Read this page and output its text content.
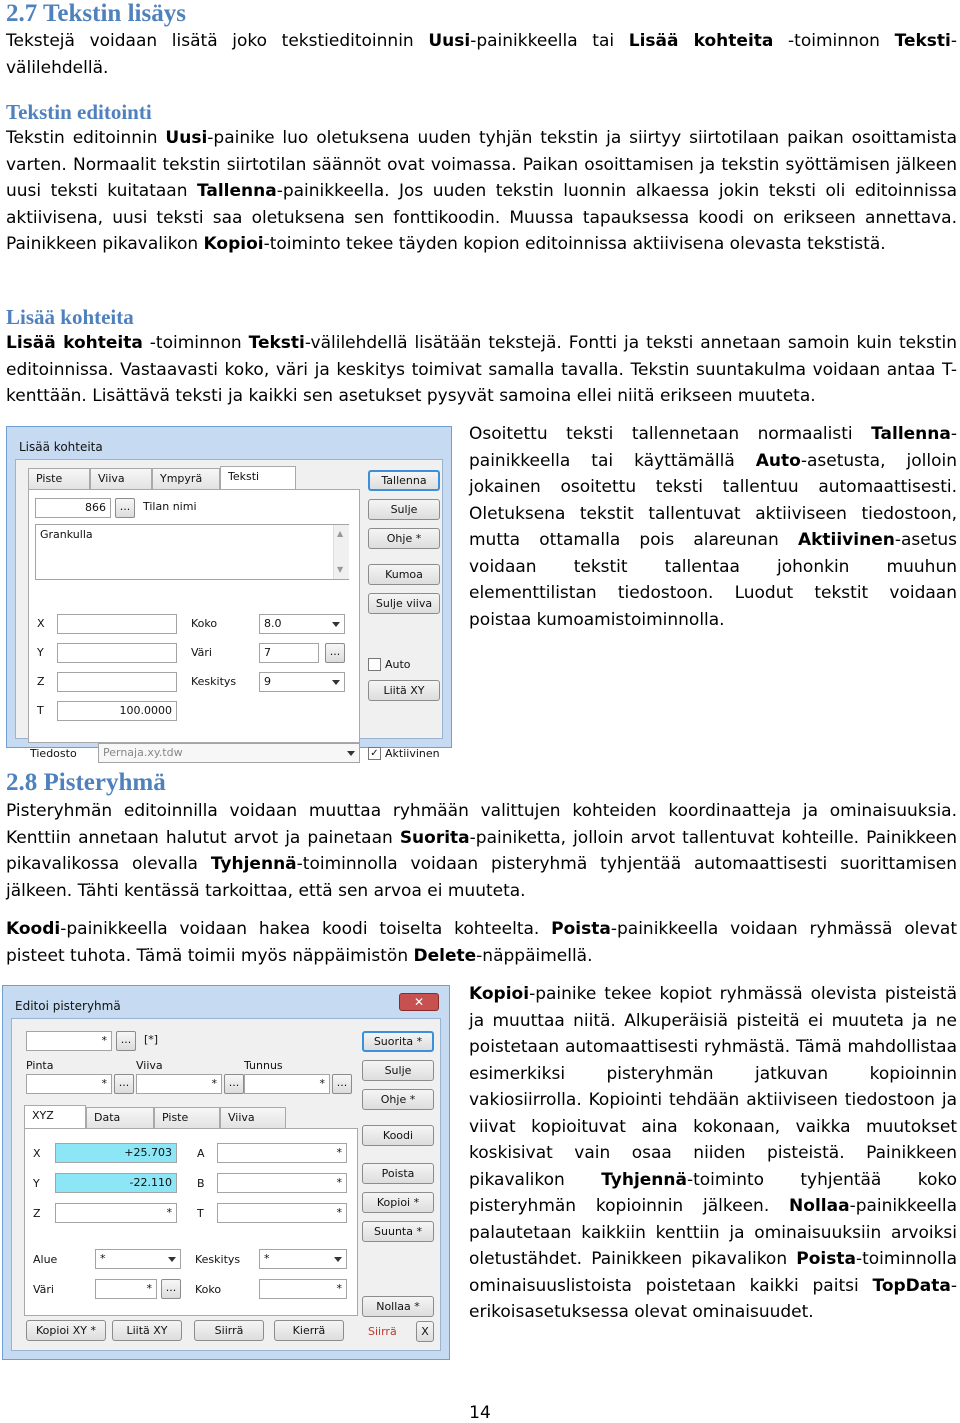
2.7 Tekstin lisäys
Tekstejä voidaan lisätä joko tekstieditoinnin Uusi-painikkeella tai Lisää kohteita -toiminnon Teksti-välilehdellä.
Tekstin editointi
Tekstin editoinnin Uusi-painike luo oletuksena uuden tyhjän tekstin ja siirtyy siirtotilaan paikan osoittamista varten. Normaalit tekstin siirtotilan säännöt ovat voimassa. Paikan osoittamisen ja tekstin syöttämisen jälkeen uusi teksti kuitataan Tallenna-painikkeella. Jos uuden tekstin luonnin alkaessa jokin teksti oli editoinnissa aktiivisena, uusi teksti saa oletuksena sen fonttikoodin. Muussa tapauksessa koodi on erikseen annettava. Painikkeen pikavalikon Kopioi-toiminto tekee täyden kopion editoinnissa aktiivisena olevasta tekstistä.
Lisää kohteita
Lisää kohteita -toiminnon Teksti-välilehdellä lisätään tekstejä. Fontti ja teksti annetaan samoin kuin tekstin editoinnissa. Vastaavasti koko, väri ja keskitys toimivat samalla tavalla. Tekstin suuntakulma voidaan antaa T-kenttään. Lisättävä teksti ja kaikki sen asetukset pysyvät samoina ellei niitä erikseen muuteta.
Lisää kohteita
Piste	Viiva	Ympyrä	Teksti
866	...	Tilan nimi
Grankulla	▲
▼
X
Y
Z
T	100.0000
Koko	8.0
Väri	7	...
Keskitys	9
Tiedosto	Pernaja.xy.tdw
Tallenna
Sulje
Ohje *
Kumoa
Sulje viiva
Auto
Liitä XY
✓ Aktiivinen
Osoitettu teksti tallennetaan normaalisti Tallenna-painikkeella tai käyttämällä Auto-asetusta, jolloin jokainen osoitettu teksti tallentuu automaattisesti. Oletuksena tekstit tallentuvat aktiiviseen tiedostoon, mutta ottamalla pois alareunan Aktiivinen-asetus voidaan tekstit tallentaa johonkin muuhun elementtilistan tiedostoon. Luodut tekstit voidaan poistaa kumoamistoiminnolla.
2.8 Pisteryhmä
Pisteryhmän editoinnilla voidaan muuttaa ryhmään valittujen kohteiden koordinaatteja ja ominaisuuksia. Kenttiin annetaan halutut arvot ja painetaan Suorita-painiketta, jolloin arvot tallentuvat kohteille. Painikkeen pikavalikossa olevalla Tyhjennä-toiminnolla voidaan pisteryhmä tyhjentää automaattisesti suorittamisen jälkeen. Tähti kentässä tarkoittaa, että sen arvoa ei muuteta.
Koodi-painikkeella voidaan hakea koodi toiselta kohteelta. Poista-painikkeella voidaan ryhmässä olevat pisteet tuhota. Tämä toimii myös näppäimistön Delete-näppäimellä.
Editoi pisteryhmä	✕
*	...	[*]
Pinta	Viiva	Tunnus
*	...	*	...	*	...
XYZ	Data	Piste	Viiva
X	+25.703
Y	-22.110
Z	*
A	*
B	*
T	*
Alue	*	Keskitys	*
Väri	*	...	Koko	*
Kopioi XY *	Liitä XY	Siirrä	Kierrä
Suorita *
Sulje
Ohje *
Koodi
Poista
Kopioi *
Suunta *
Nollaa *
Siirrä	X
Kopioi-painike tekee kopiot ryhmässä olevista pisteistä ja muuttaa niitä. Alkuperäisiä pisteitä ei muuteta ja ne poistetaan automaattisesti ryhmästä. Tämä mahdollistaa esimerkiksi pisteryhmän jatkuvan kopioinnin vakiosiirrolla. Kopiointi tehdään aktiiviseen tiedostoon ja viivat kopioituvat aina kokonaan, vaikka muutokset koskisivat vain osaa niiden pisteistä. Painikkeen pikavalikon Tyhjennä-toiminto tyhjentää koko pisteryhmän kopioinnin jälkeen. Nollaa-painikkeella palautetaan kaikkiin kenttiin ja ominaisuuksiin arvoiksi oletustähdet. Painikkeen pikavalikon Poista-toiminnolla ominaisuuslistoista poistetaan kaikki paitsi TopData-erikoisasetuksessa olevat ominaisuudet.
14
